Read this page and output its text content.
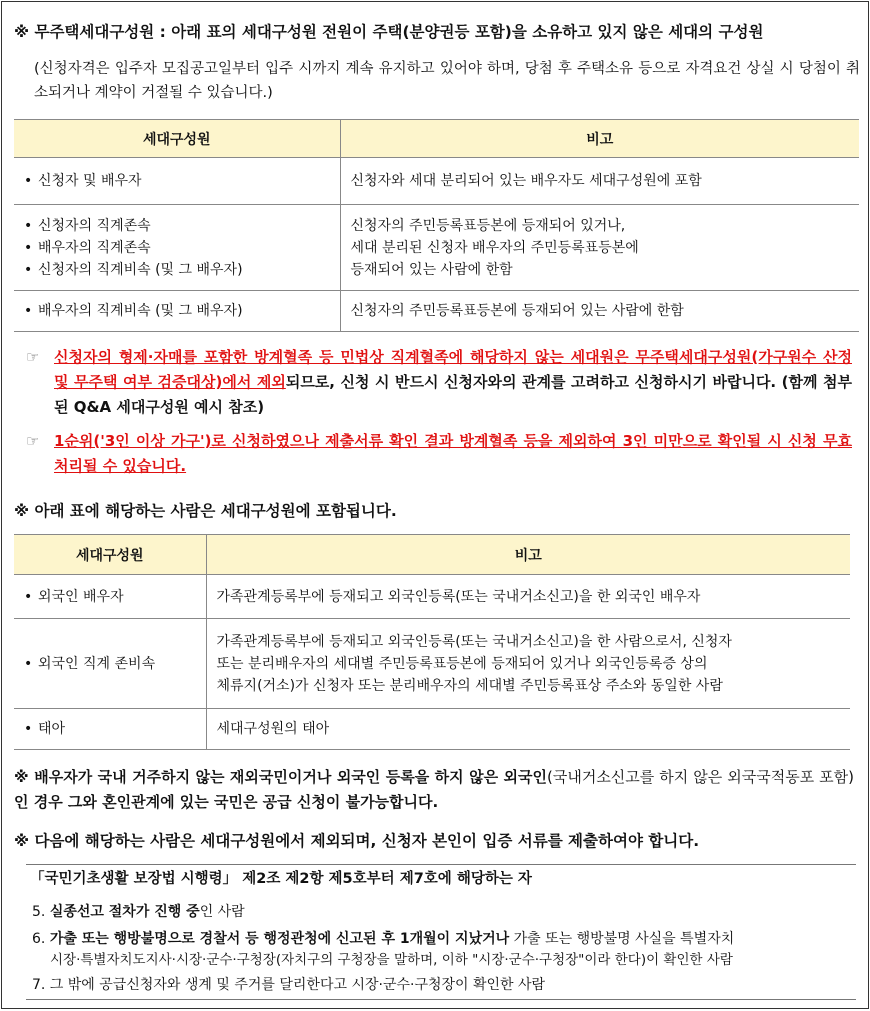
※ 무주택세대구성원 : 아래 표의 세대구성원 전원이 주택(분양권등 포함)을 소유하고 있지 않은 세대의 구성원
(신청자격은 입주자 모집공고일부터 입주 시까지 계속 유지하고 있어야 하며, 당첨 후 주택소유 등으로 자격요건 상실 시 당첨이 취소되거나 계약이 거절될 수 있습니다.)
세대구성원	비고

• 신청자 및 배우자	신청자와 세대 분리되어 있는 배우자도 세대구성원에 포함

• 신청자의 직계존속
• 배우자의 직계존속
• 신청자의 직계비속 (및 그 배우자)	신청자의 주민등록표등본에 등재되어 있거나,
세대 분리된 신청자 배우자의 주민등록표등본에
등재되어 있는 사람에 한함

• 배우자의 직계비속 (및 그 배우자)	신청자의 주민등록표등본에 등재되어 있는 사람에 한함
☞ 신청자의 형제·자매를 포함한 방계혈족 등 민법상 직계혈족에 해당하지 않는 세대원은 무주택세대구성원(가구원수 산정 및 무주택 여부 검증대상)에서 제외되므로, 신청 시 반드시 신청자와의 관계를 고려하고 신청하시기 바랍니다. (함께 첨부된 Q&A 세대구성원 예시 참조)
☞ 1순위('3인 이상 가구')로 신청하였으나 제출서류 확인 결과 방계혈족 등을 제외하여 3인 미만으로 확인될 시 신청 무효 처리될 수 있습니다.
※ 아래 표에 해당하는 사람은 세대구성원에 포함됩니다.
세대구성원	비고

• 외국인 배우자	가족관계등록부에 등재되고 외국인등록(또는 국내거소신고)을 한 외국인 배우자

• 외국인 직계 존비속	가족관계등록부에 등재되고 외국인등록(또는 국내거소신고)을 한 사람으로서, 신청자
또는 분리배우자의 세대별 주민등록표등본에 등재되어 있거나 외국인등록증 상의
체류지(거소)가 신청자 또는 분리배우자의 세대별 주민등록표상 주소와 동일한 사람

• 태아	세대구성원의 태아
※ 배우자가 국내 거주하지 않는 재외국민이거나 외국인 등록을 하지 않은 외국인(국내거소신고를 하지 않은 외국국적동포 포함)인 경우 그와 혼인관계에 있는 국민은 공급 신청이 불가능합니다.
※ 다음에 해당하는 사람은 세대구성원에서 제외되며, 신청자 본인이 입증 서류를 제출하여야 합니다.
「국민기초생활 보장법 시행령」 제2조 제2항 제5호부터 제7호에 해당하는 자
5. 실종선고 절차가 진행 중인 사람
6. 가출 또는 행방불명으로 경찰서 등 행정관청에 신고된 후 1개월이 지났거나 가출 또는 행방불명 사실을 특별자치
시장·특별자치도지사·시장·군수·구청장(자치구의 구청장을 말하며, 이하 "시장·군수·구청장"이라 한다)이 확인한 사람
7. 그 밖에 공급신청자와 생계 및 주거를 달리한다고 시장·군수·구청장이 확인한 사람
